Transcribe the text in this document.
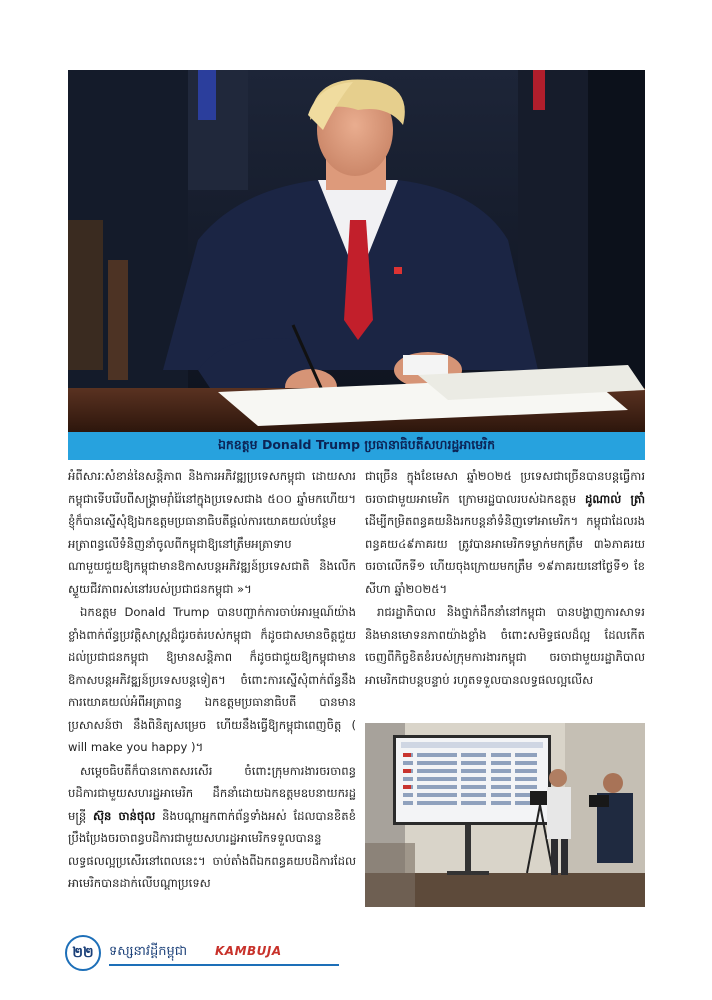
ឯកឧត្តម Donald Trump ប្រធានាធិបតីសហរដ្ឋអាមេរិក

អំពីសារៈសំខាន់នៃសន្តិភាព និងការអភិវឌ្ឍប្រទេសកម្ពុជា ដោយសារកម្ពុជាទើបរើបពីសង្គ្រាមរ៉ាំរ៉ៃនៅក្នុងប្រទេសជាង ៥០០ ឆ្នាំមកហើយ។ ខ្ញុំក៏បានស្នើសុំឱ្យឯកឧត្តមប្រធានាធិបតីផ្តល់ការយោគយល់បន្ថែមអត្រាពន្ធលើទំនិញនាំចូលពីកម្ពុជាឱ្យនៅត្រឹមអត្រាទាបណាមួយជួយឱ្យកម្ពុជាមានឱកាសបន្តអភិវឌ្ឍន៍ប្រទេសជាតិ និងលើកស្ទួយជីវភាពរស់នៅរបស់ប្រជាជនកម្ពុជា »។

ឯកឧត្តម Donald Trump បានបញ្ជាក់ការចាប់អារម្មណ៍យ៉ាងខ្លាំងពាក់ព័ន្ធប្រវត្តិសាស្ត្រដ៏ជូរចត់របស់កម្ពុជា ក៏ដូចជាសមានចិត្តជួយដល់ប្រជាជនកម្ពុជា ឱ្យមានសន្តិភាព ក៏ដូចជាជួយឱ្យកម្ពុជាមានឱកាសបន្តអភិវឌ្ឍន៍ប្រទេសបន្តទៀត។ ចំពោះការស្នើសុំពាក់ព័ន្ធនឹងការយោគយល់អំពីអត្រាពន្ធ ឯកឧត្តមប្រធានាធិបតី បានមានប្រសាសន៍ថា នឹងពិនិត្យសម្រេច ហើយនឹងធ្វើឱ្យកម្ពុជាពេញចិត្ត ( will make you happy )។

សម្តេចធិបតីក៏បានកោតសរសើរ ចំពោះក្រុមការងារចរចាពន្ធបដិការជាមួយសហរដ្ឋអាមេរិក ដឹកនាំដោយឯកឧត្តមឧបនាយករដ្ឋមន្ត្រី ស៊ុន ចាន់ថុល និងបណ្តាអ្នកពាក់ព័ន្ធទាំងអស់ ដែលបានខិតខំប្រឹងប្រែងចរចាពន្ធបដិការជាមួយសហរដ្ឋអាមេរិកទទួលបានន្ទលទ្ធផលល្អប្រសើរនៅពេលនេះ។ ចាប់តាំងពីឯកពន្ធគយបដិការដែលអាមេរិកបានដាក់លើបណ្តាប្រទេស

ជាច្រើន ក្នុងខែមេសា ឆ្នាំ២០២៥ ប្រទេសជាច្រើនបានបន្តធ្វើការចរចាជាមួយអាមេរិក ក្រោមរដ្ឋបាលរបស់ឯកឧត្តម ដូណាល់ ត្រាំ ដើម្បីកម្រិតពន្ធគយនិងរកបន្តនាំទំនិញទៅអាមេរិក។ កម្ពុជាដែលរងពន្ធគយ៤៩ភាគរយ ត្រូវបានអាមេរិកទម្លាក់មកត្រឹម ៣៦ភាគរយ ចរចាលើកទី១ ហើយចុងក្រោយមកត្រឹម ១៩ភាគរយនៅថ្ងៃទី១ ខែសីហា ឆ្នាំ២០២៥។

រាជរដ្ឋាភិបាល និងថ្នាក់ដឹកនាំនៅកម្ពុជា បានបង្ហាញការសាទរ និងមានមោទនភាពយ៉ាងខ្លាំង ចំពោះសមិទ្ធផលដ៏ល្អ ដែលកើតចេញពីកិច្ចខិតខំរបស់ក្រុមការងារកម្ពុជា ចរចាជាមួយរដ្ឋាភិបាលអាមេរិកជាបន្តបន្ទាប់ រហូតទទួលបានលទ្ធផលល្អលើស

២២	ទស្សនាវដ្តីកម្ពុជា KAMBUJA
